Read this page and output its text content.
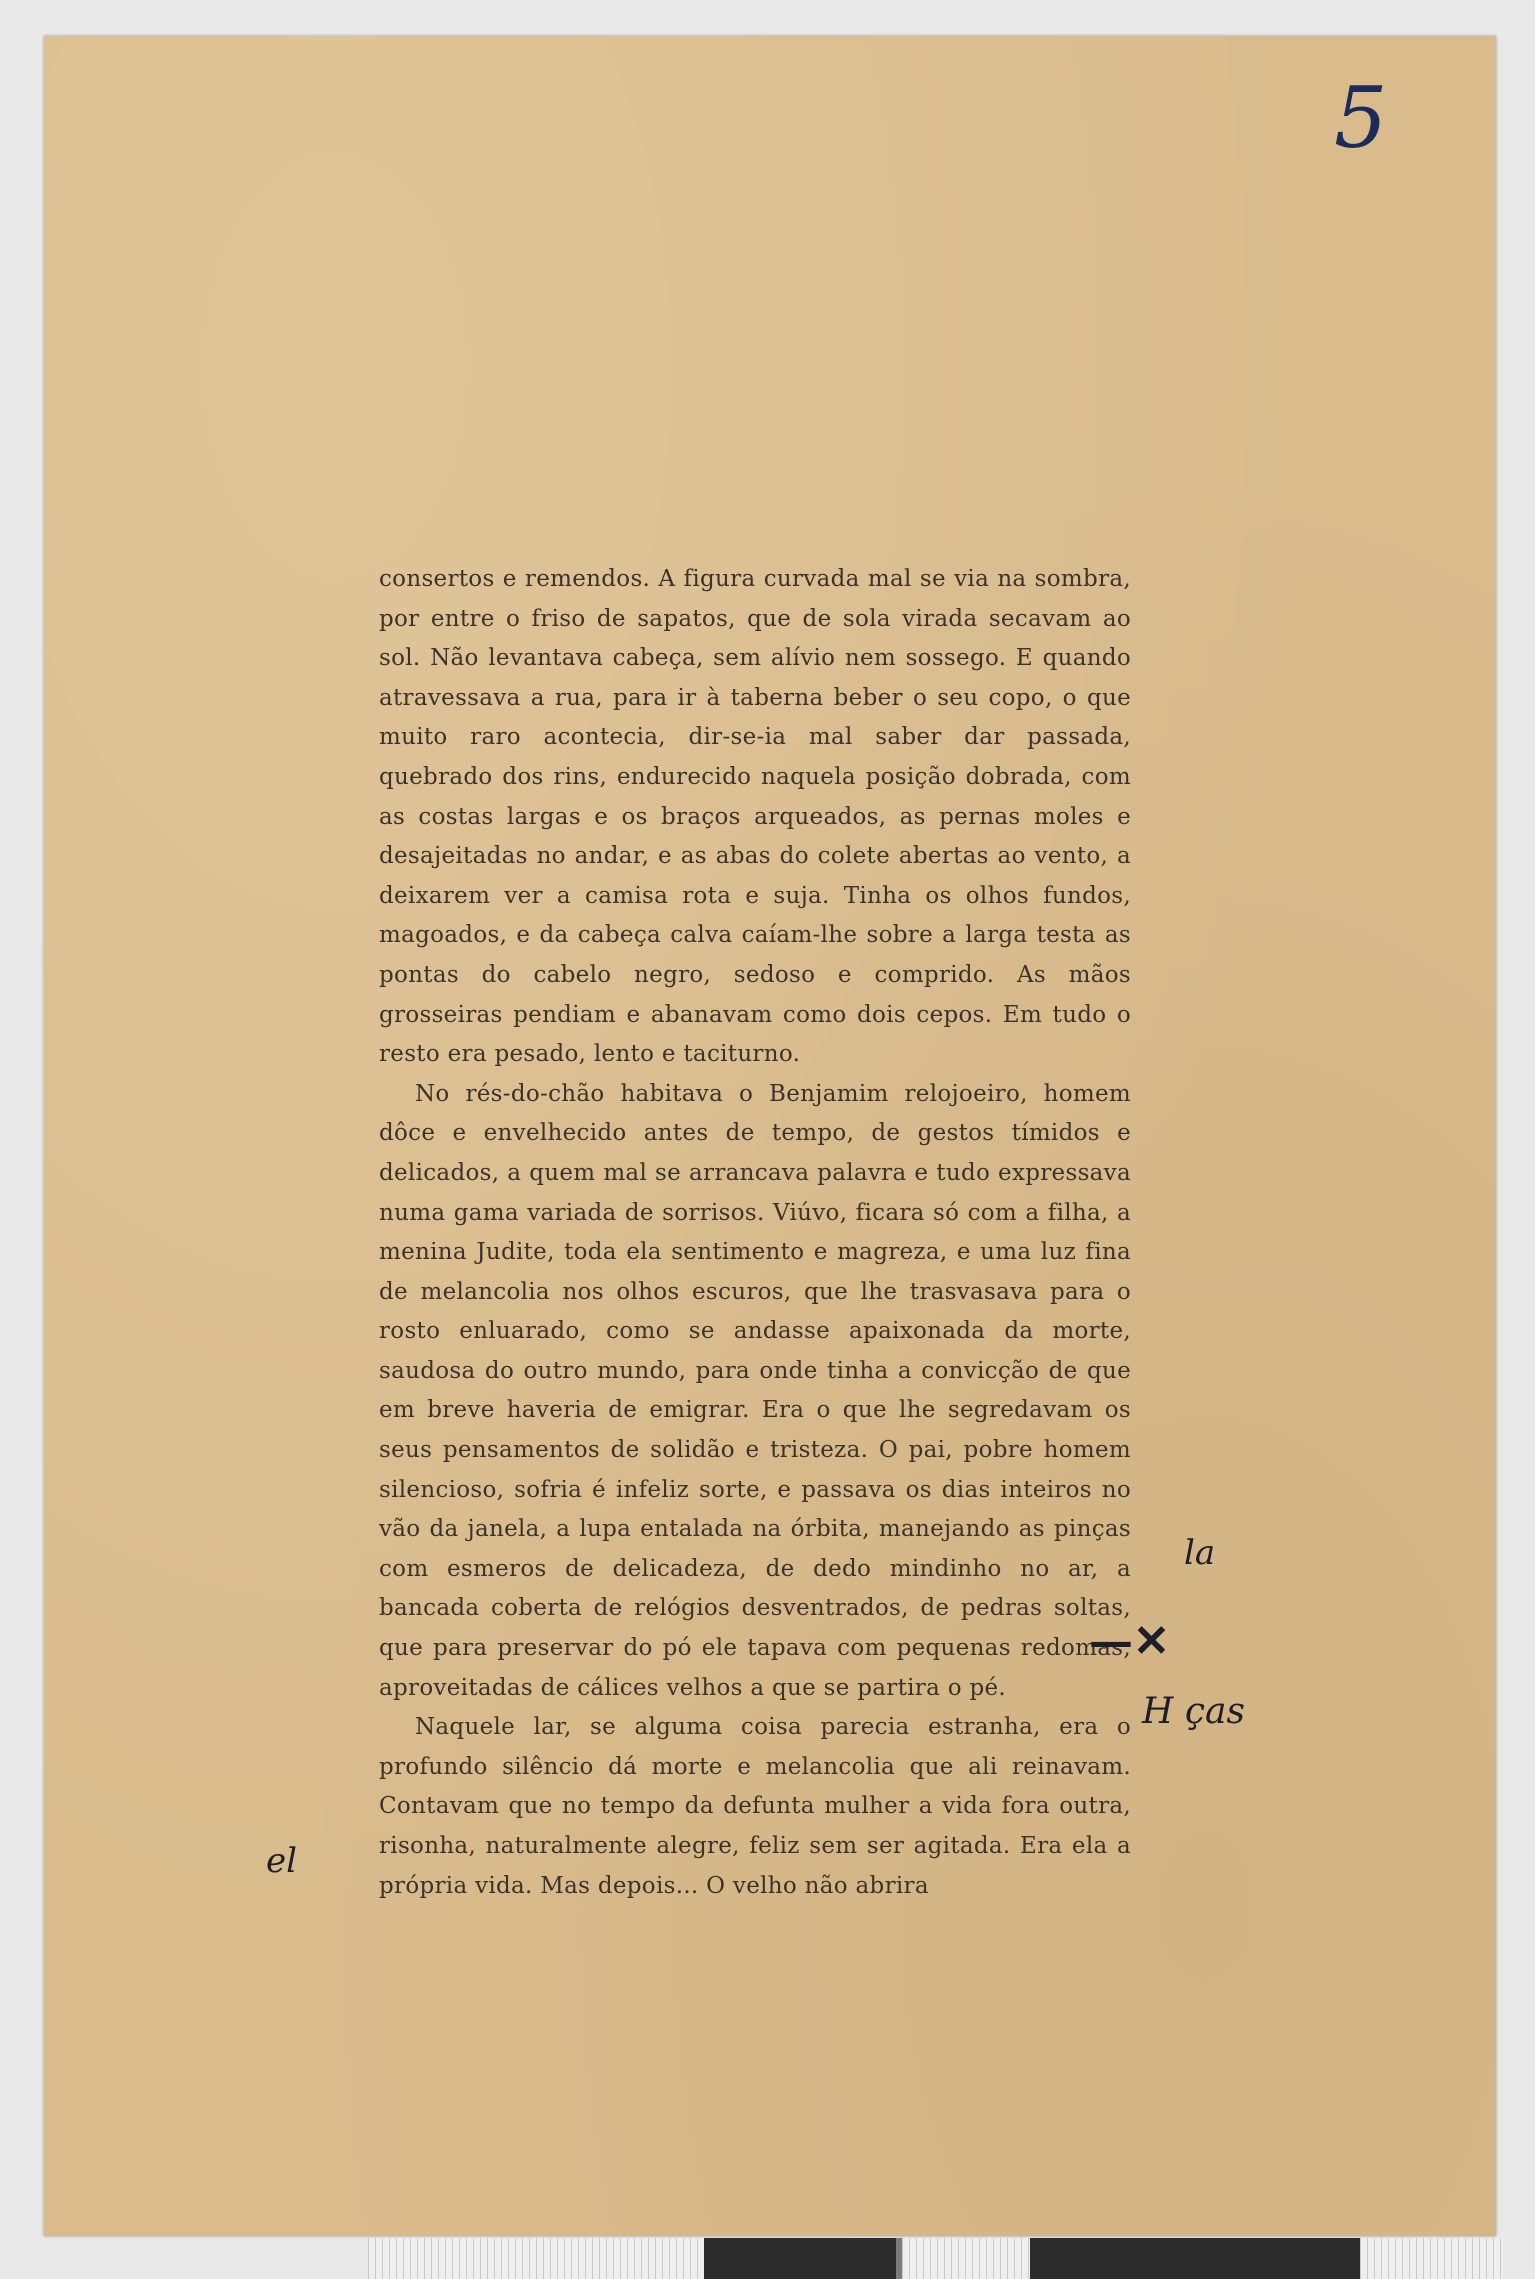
5

consertos e remendos. A figura curvada mal se via na sombra, por entre o friso de sapatos, que de sola virada secavam ao sol. Não levantava cabeça, sem alívio nem sossego. E quando atravessava a rua, para ir à taberna beber o seu copo, o que muito raro acontecia, dir-se-ia mal saber dar passada, quebrado dos rins, endurecido naquela posição dobrada, com as costas largas e os braços arqueados, as pernas moles e desajeitadas no andar, e as abas do colete abertas ao vento, a deixarem ver a camisa rota e suja. Tinha os olhos fundos, magoados, e da cabeça calva caíam-lhe sobre a larga testa as pontas do cabelo negro, sedoso e comprido. As mãos grosseiras pendiam e abanavam como dois cepos. Em tudo o resto era pesado, lento e taciturno.

No rés-do-chão habitava o Benjamim relojoeiro, homem dôce e envelhecido antes de tempo, de gestos tímidos e delicados, a quem mal se arrancava palavra e tudo expressava numa gama variada de sorrisos. Viúvo, ficara só com a filha, a menina Judite, toda ela sentimento e magreza, e uma luz fina de melancolia nos olhos escuros, que lhe trasvasava para o rosto enluarado, como se andasse apaixonada da morte, saudosa do outro mundo, para onde tinha a convicção de que em breve haveria de emigrar. Era o que lhe segredavam os seus pensamentos de solidão e tristeza. O pai, pobre homem silencioso, sofria é infeliz sorte, e passava os dias inteiros no vão da janela, a lupa entalada na órbita, manejando as pinças com esmeros de delicadeza, de dedo mindinho no ar, a bancada coberta de relógios desventrados, de pedras soltas, que para preservar do pó ele tapava com pequenas redomas, aproveitadas de cálices velhos a que se partira o pé.

Naquele lar, se alguma coisa parecia estranha, era o profundo silêncio dá morte e melancolia que ali reinavam. Contavam que no tempo da defunta mulher a vida fora outra, risonha, naturalmente alegre, feliz sem ser agitada. Era ela a própria vida. Mas depois... O velho não abrira

la
—✕
H ças
el
